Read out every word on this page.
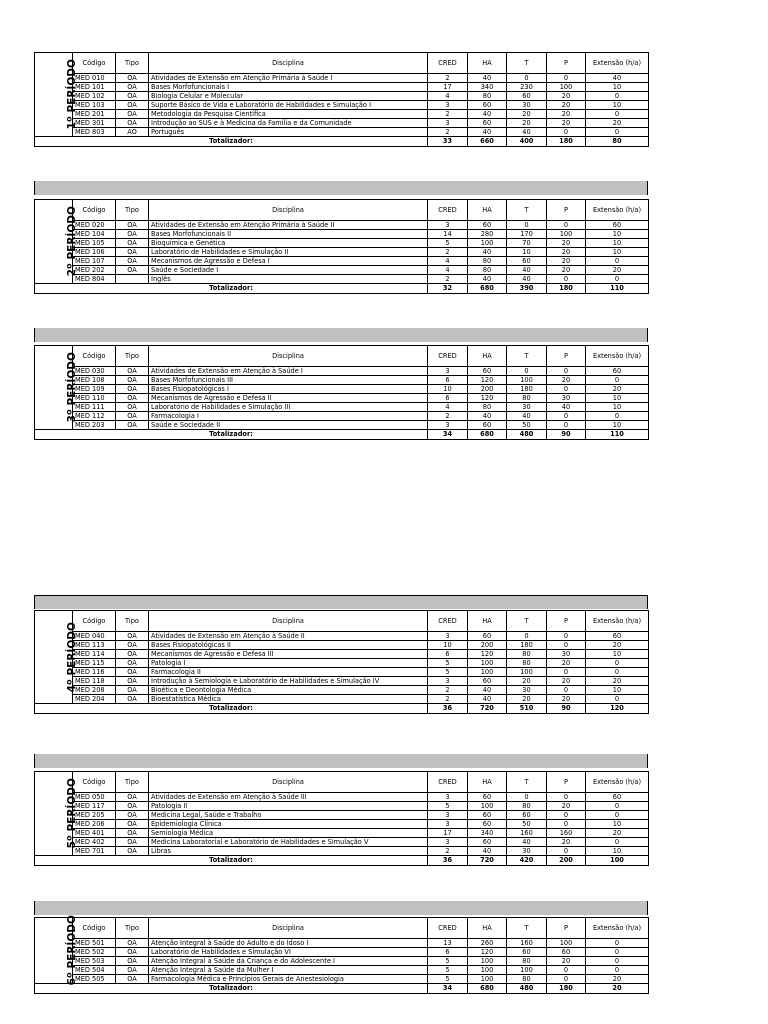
1º PERÍODO	Código	Tipo	Disciplina	CRED	HA	T	P	Extensão (h/a)
	MED 010	OA	Atividades de Extensão em Atenção Primária à Saúde I	2	40	0	0	40
	MED 101	OA	Bases Morfofuncionais I	17	340	230	100	10
	MED 102	OA	Biologia Celular e Molecular	4	80	60	20	0
	MED 103	OA	Suporte Básico de Vida e Laboratório de Habilidades e Simulação I	3	60	30	20	10
	MED 201	OA	Metodologia da Pesquisa Científica	2	40	20	20	0
	MED 301	OA	Introdução ao SUS e à Medicina da Família e da Comunidade	3	60	20	20	20
	MED 803	AO	Português	2	40	40	0	0
Totalizador:				33	660	400	180	80
2º PERÍODO	Código	Tipo	Disciplina	CRED	HA	T	P	Extensão (h/a)
	MED 020	OA	Atividades de Extensão em Atenção Primária à Saúde II	3	60	0	0	60
	MED 104	OA	Bases Morfofuncionais II	14	280	170	100	10
	MED 105	OA	Bioquímica e Genética	5	100	70	20	10
	MED 106	OA	Laboratório de Habilidades e Simulação II	2	40	10	20	10
	MED 107	OA	Mecanismos de Agressão e Defesa I	4	80	60	20	0
	MED 202	OA	Saúde e Sociedade I	4	80	40	20	20
	MED 804		Inglês	2	40	40	0	0
Totalizador:				32	680	390	180	110
3º PERÍODO	Código	Tipo	Disciplina	CRED	HA	T	P	Extensão (h/a)
	MED 030	OA	Atividades de Extensão em Atenção à Saúde I	3	60	0	0	60
	MED 108	OA	Bases Morfofuncionais III	6	120	100	20	0
	MED 109	OA	Bases Fisiopatológicas I	10	200	180	0	20
	MED 110	OA	Mecanismos de Agressão e Defesa II	6	120	80	30	10
	MED 111	OA	Laboratório de Habilidades e Simulação III	4	80	30	40	10
	MED 112	OA	Farmacologia I	2	40	40	0	0
	MED 203	OA	Saúde e Sociedade II	3	60	50	0	10
Totalizador:				34	680	480	90	110
4º PERÍODO	Código	Tipo	Disciplina	CRED	HA	T	P	Extensão (h/a)
	MED 040	OA	Atividades de Extensão em Atenção à Saúde II	3	60	0	0	60
	MED 113	OA	Bases Fisiopatológicas II	10	200	180	0	20
	MED 114	OA	Mecanismos de Agressão e Defesa III	6	120	80	30	10
	MED 115	OA	Patologia I	5	100	80	20	0
	MED 116	OA	Farmacologia II	5	100	100	0	0
	MED 118	OA	Introdução à Semiologia e Laboratório de Habilidades e Simulação IV	3	60	20	20	20
	MED 208	OA	Bioética e Deontologia Médica	2	40	30	0	10
	MED 204	OA	Bioestatística Médica	2	40	20	20	0
Totalizador:				36	720	510	90	120
5º PERÍODO	Código	Tipo	Disciplina	CRED	HA	T	P	Extensão (h/a)
	MED 050	OA	Atividades de Extensão em Atenção à Saúde III	3	60	0	0	60
	MED 117	OA	Patologia II	5	100	80	20	0
	MED 205	OA	Medicina Legal, Saúde e Trabalho	3	60	60	0	0
	MED 206	OA	Epidemiologia Clínica	3	60	50	0	10
	MED 401	OA	Semiologia Médica	17	340	160	160	20
	MED 402	OA	Medicina Laboratorial e Laboratório de Habilidades e Simulação V	3	60	40	20	0
	MED 701	OA	Libras	2	40	30	0	10
Totalizador:				36	720	420	200	100
6º PERÍODO	Código	Tipo	Disciplina	CRED	HA	T	P	Extensão (h/a)
	MED 501	OA	Atenção Integral à Saúde do Adulto e do Idoso I	13	260	160	100	0
	MED 502	OA	Laboratório de Habilidades e Simulação VI	6	120	60	60	0
	MED 503	OA	Atenção Integral à Saúde da Criança e do Adolescente I	5	100	80	20	0
	MED 504	OA	Atenção Integral à Saúde da Mulher I	5	100	100	0	0
	MED 505	OA	Farmacologia Médica e Princípios Gerais de Anestesiologia	5	100	80	0	20
Totalizador:				34	680	480	180	20
